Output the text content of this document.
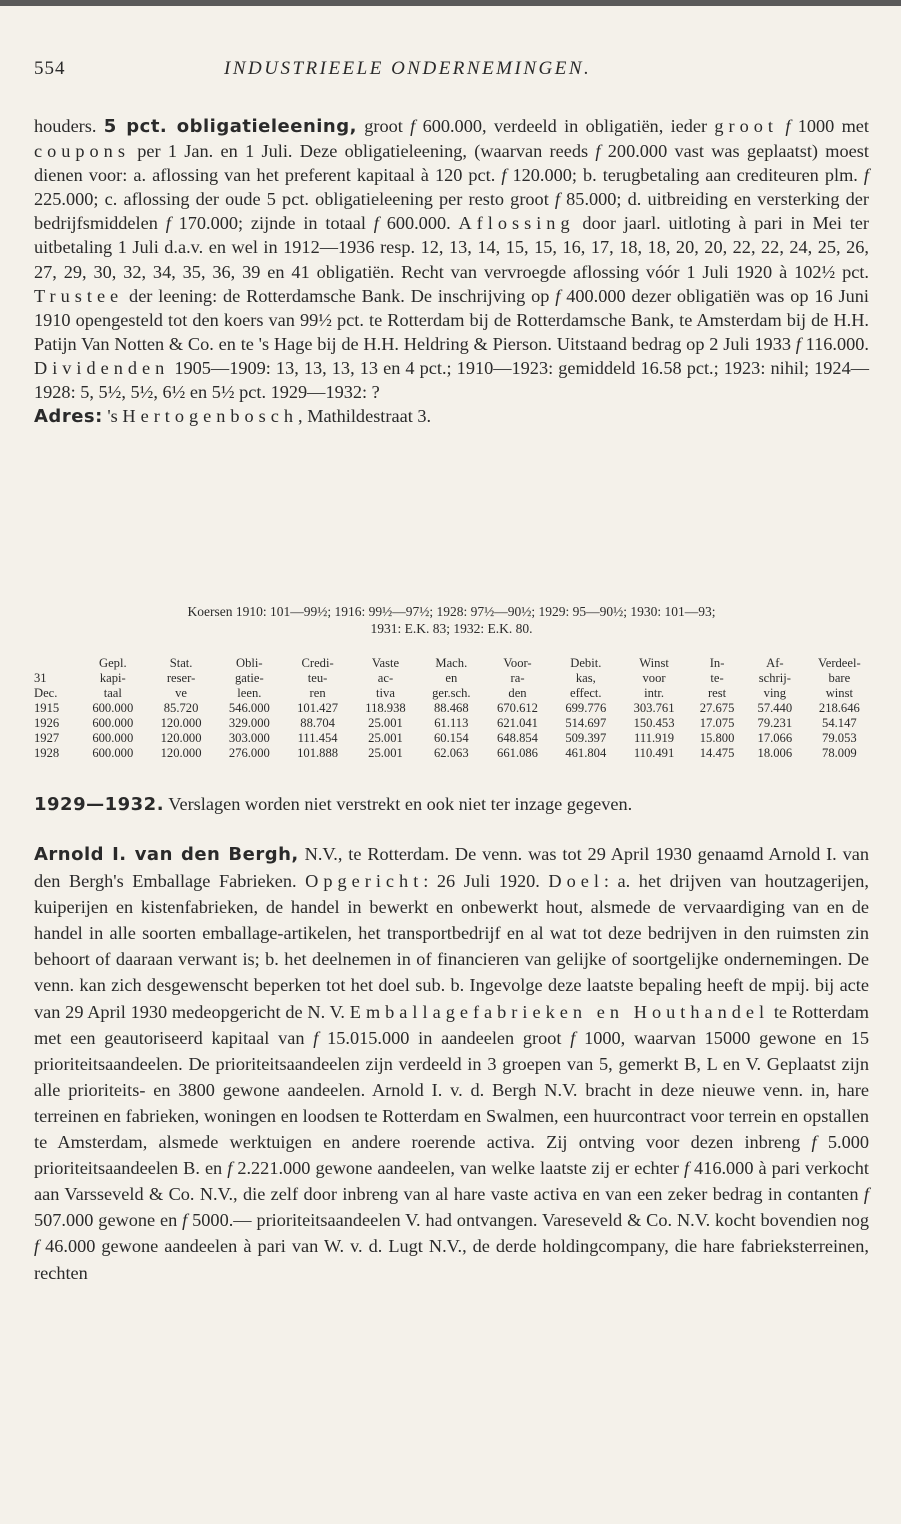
554	INDUSTRIEELE ONDERNEMINGEN.

houders. 5 pct. obligatieleening, groot f 600.000, verdeeld in obligatiën, ieder groot f 1000 met coupons per 1 Jan. en 1 Juli. Deze obligatieleening, (waarvan reeds f 200.000 vast was geplaatst) moest dienen voor: a. aflossing van het preferent kapitaal à 120 pct. f 120.000; b. terugbetaling aan crediteuren plm. f 225.000; c. aflossing der oude 5 pct. obligatieleening per resto groot f 85.000; d. uitbreiding en versterking der bedrijfsmiddelen f 170.000; zijnde in totaal f 600.000. Aflossing door jaarl. uitloting à pari in Mei ter uitbetaling 1 Juli d.a.v. en wel in 1912—1936 resp. 12, 13, 14, 15, 15, 16, 17, 18, 18, 20, 20, 22, 22, 24, 25, 26, 27, 29, 30, 32, 34, 35, 36, 39 en 41 obligatiën. Recht van vervroegde aflossing vóór 1 Juli 1920 à 102½ pct. Trustee der leening: de Rotterdamsche Bank. De inschrijving op f 400.000 dezer obligatiën was op 16 Juni 1910 opengesteld tot den koers van 99½ pct. te Rotterdam bij de Rotterdamsche Bank, te Amsterdam bij de H.H. Patijn Van Notten & Co. en te 's Hage bij de H.H. Heldring & Pierson. Uitstaand bedrag op 2 Juli 1933 f 116.000. Dividenden 1905—1909: 13, 13, 13, 13 en 4 pct.; 1910—1923: gemiddeld 16.58 pct.; 1923: nihil; 1924—1928: 5, 5½, 5½, 6½ en 5½ pct. 1929—1932: ?
Adres: 's Hertogenbosch, Mathildestraat 3.

Koersen 1910: 101—99½; 1916: 99½—97½; 1928: 97½—90½; 1929: 95—90½; 1930: 101—93;
1931: E.K. 83; 1932: E.K. 80.

	Gepl.	Stat.	Obli-	Credi-	Vaste	Mach.	Voor-	Debit.	Winst	In-	Af-	Verdeel-
31	kapi-	reser-	gatie-	teu-	ac-	en	ra-	kas,	voor	te-	schrij-	bare
Dec.	taal	ve	leen.	ren	tiva	ger.sch.	den	effect.	intr.	rest	ving	winst
1915	600.000	85.720	546.000	101.427	118.938	88.468	670.612	699.776	303.761	27.675	57.440	218.646
1926	600.000	120.000	329.000	88.704	25.001	61.113	621.041	514.697	150.453	17.075	79.231	54.147
1927	600.000	120.000	303.000	111.454	25.001	60.154	648.854	509.397	111.919	15.800	17.066	79.053
1928	600.000	120.000	276.000	101.888	25.001	62.063	661.086	461.804	110.491	14.475	18.006	78.009

1929—1932. Verslagen worden niet verstrekt en ook niet ter inzage gegeven.

Arnold I. van den Bergh, N.V., te Rotterdam. De venn. was tot 29 April 1930 genaamd Arnold I. van den Bergh's Emballage Fabrieken. Opgericht: 26 Juli 1920. Doel: a. het drijven van houtzagerijen, kuiperijen en kistenfabrieken, de handel in bewerkt en onbewerkt hout, alsmede de vervaardiging van en de handel in alle soorten emballage-artikelen, het transportbedrijf en al wat tot deze bedrijven in den ruimsten zin behoort of daaraan verwant is; b. het deelnemen in of financieren van gelijke of soortgelijke ondernemingen. De venn. kan zich desgewenscht beperken tot het doel sub. b. Ingevolge deze laatste bepaling heeft de mpij. bij acte van 29 April 1930 medeopgericht de N. V. Emballagefabrieken en Houthandel te Rotterdam met een geautoriseerd kapitaal van f 15.015.000 in aandeelen groot f 1000, waarvan 15000 gewone en 15 prioriteitsaandeelen. De prioriteitsaandeelen zijn verdeeld in 3 groepen van 5, gemerkt B, L en V. Geplaatst zijn alle prioriteits- en 3800 gewone aandeelen. Arnold I. v. d. Bergh N.V. bracht in deze nieuwe venn. in, hare terreinen en fabrieken, woningen en loodsen te Rotterdam en Swalmen, een huurcontract voor terrein en opstallen te Amsterdam, alsmede werktuigen en andere roerende activa. Zij ontving voor dezen inbreng f 5.000 prioriteitsaandeelen B. en f 2.221.000 gewone aandeelen, van welke laatste zij er echter f 416.000 à pari verkocht aan Varsseveld & Co. N.V., die zelf door inbreng van al hare vaste activa en van een zeker bedrag in contanten f 507.000 gewone en f 5000.— prioriteitsaandeelen V. had ontvangen. Vareseveld & Co. N.V. kocht bovendien nog f 46.000 gewone aandeelen à pari van W. v. d. Lugt N.V., de derde holdingcompany, die hare fabrieksterreinen, rechten
